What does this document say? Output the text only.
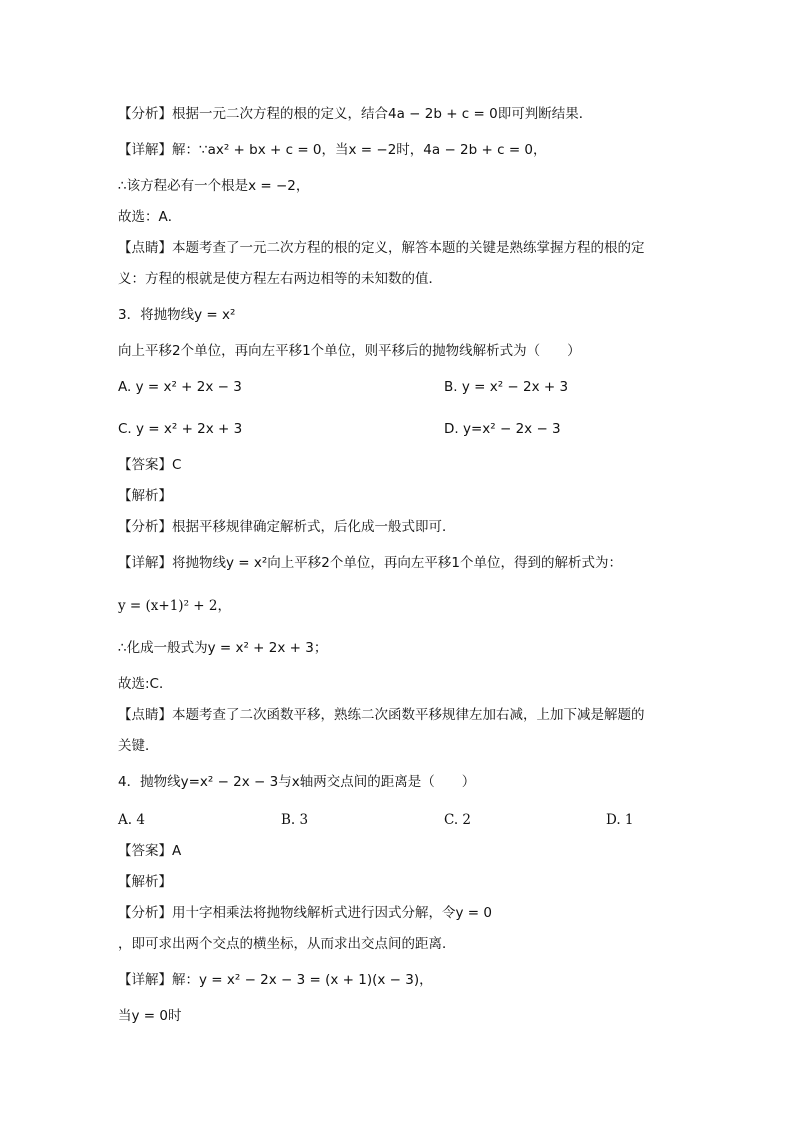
【分析】根据一元二次方程的根的定义，结合4a − 2b + c = 0即可判断结果．
【详解】解：∵ax² + bx + c = 0，当x = −2时，4a − 2b + c = 0，
∴该方程必有一个根是x = −2，
故选：A．
【点睛】本题考查了一元二次方程的根的定义，解答本题的关键是熟练掌握方程的根的定
义：方程的根就是使方程左右两边相等的未知数的值．
3．将抛物线y = x²
向上平移2个单位，再向左平移1个单位，则平移后的抛物线解析式为（　　）
A. y = x² + 2x − 3	B. y = x² − 2x + 3
C. y = x² + 2x + 3	D. y=x² − 2x − 3
【答案】C
【解析】
【分析】根据平移规律确定解析式，后化成一般式即可．
【详解】将抛物线y = x²向上平移2个单位，再向左平移1个单位，得到的解析式为：
y = (x+1)² + 2，
∴化成一般式为y = x² + 2x + 3；
故选:C．
【点睛】本题考查了二次函数平移，熟练二次函数平移规律左加右减，上加下减是解题的
关键．
4．抛物线y=x² − 2x − 3与x轴两交点间的距离是（　　）
A. 4	B. 3	C. 2	D. 1
【答案】A
【解析】
【分析】用十字相乘法将抛物线解析式进行因式分解，令y = 0
，即可求出两个交点的横坐标，从而求出交点间的距离．
【详解】解：y = x² − 2x − 3 = (x + 1)(x − 3)，
当y = 0时
